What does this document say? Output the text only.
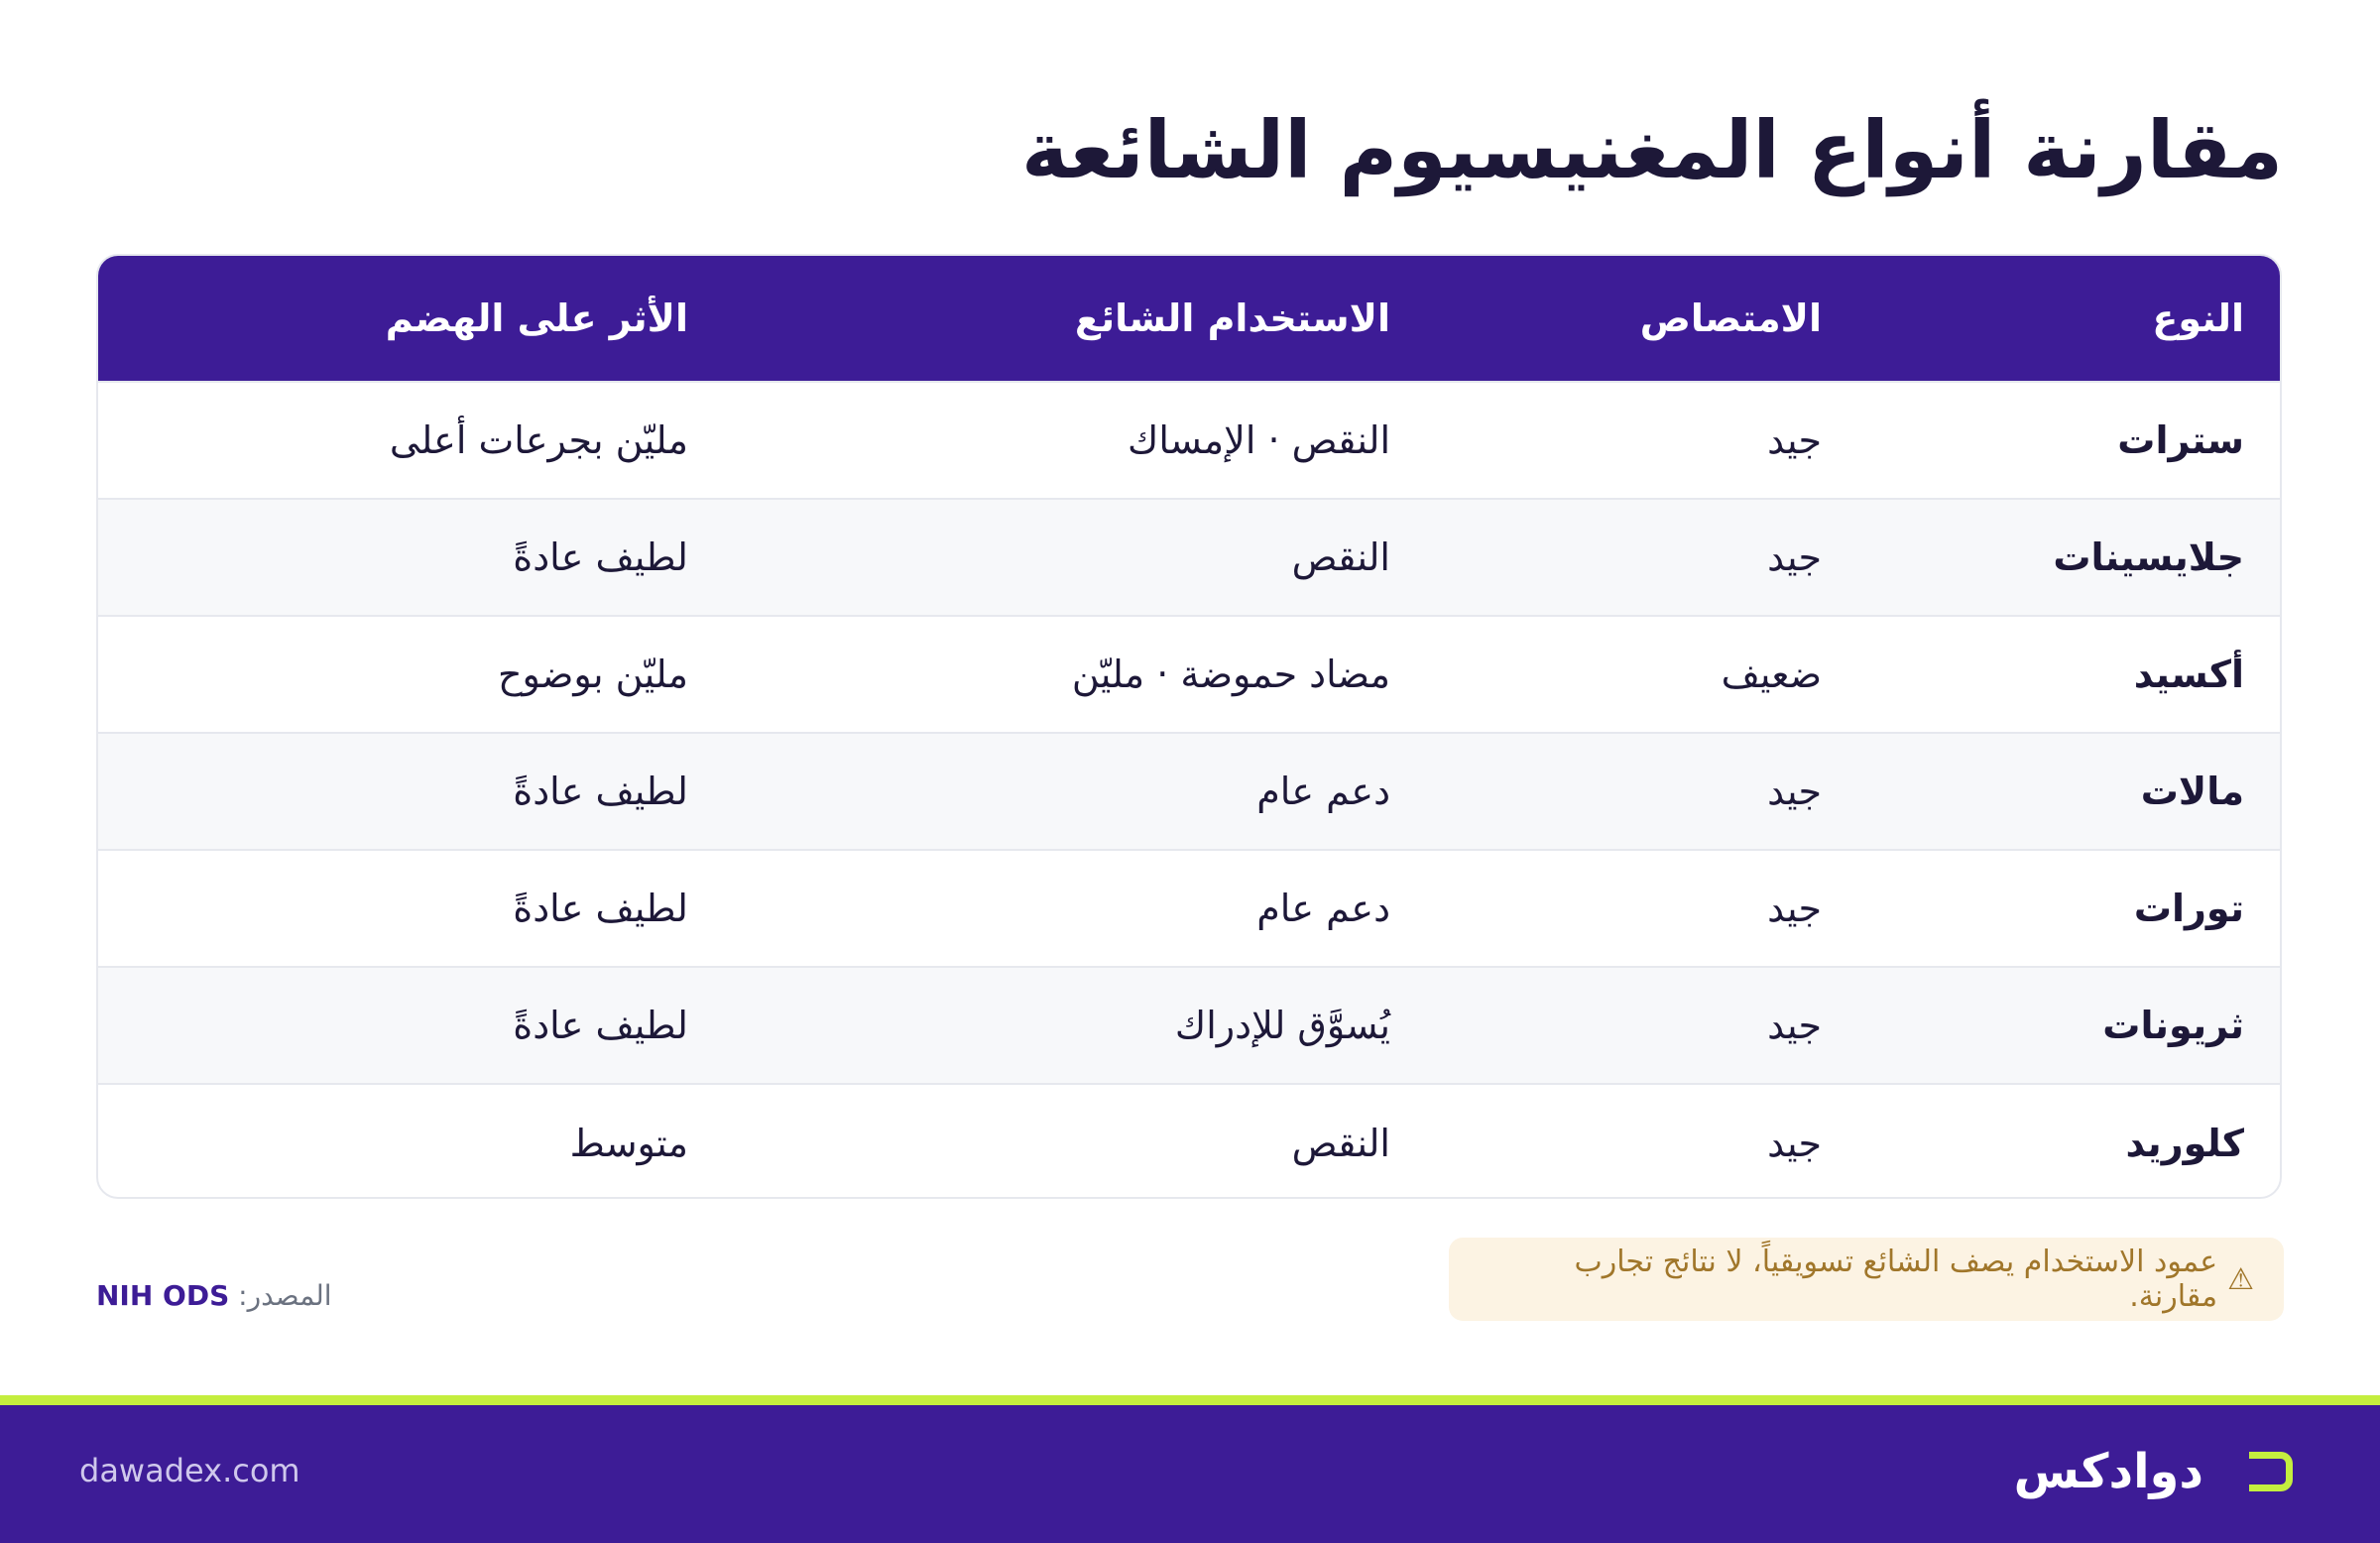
مقارنة أنواع المغنيسيوم الشائعة
النوع	الامتصاص	الاستخدام الشائع	الأثر على الهضم
سترات	جيد	النقص · الإمساك	مليّن بجرعات أعلى
جلايسينات	جيد	النقص	لطيف عادةً
أكسيد	ضعيف	مضاد حموضة · مليّن	مليّن بوضوح
مالات	جيد	دعم عام	لطيف عادةً
تورات	جيد	دعم عام	لطيف عادةً
ثريونات	جيد	يُسوَّق للإدراك	لطيف عادةً
كلوريد	جيد	النقص	متوسط
⚠
عمود الاستخدام يصف الشائع تسويقياً، لا نتائج تجارب مقارنة.
المصدر: NIH ODS
dawadex.com	دوادكس
